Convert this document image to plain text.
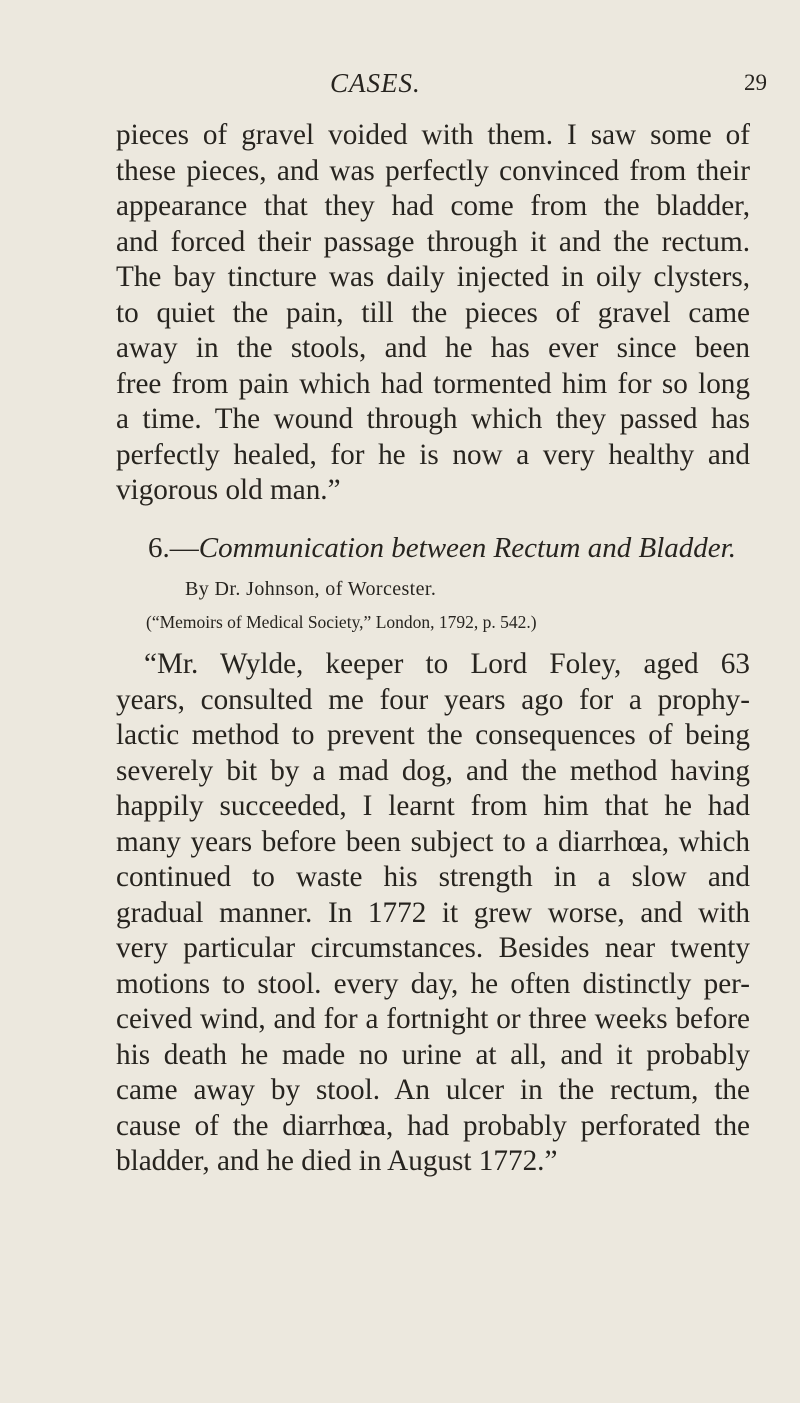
CASES.	29
pieces of gravel voided with them. I saw some of
these pieces, and was perfectly convinced from their
appearance that they had come from the bladder,
and forced their passage through it and the rectum.
The bay tincture was daily injected in oily clysters,
to quiet the pain, till the pieces of gravel came
away in the stools, and he has ever since been
free from pain which had tormented him for so long
a time. The wound through which they passed has
perfectly healed, for he is now a very healthy and
vigorous old man.”
6.—Communication between Rectum and Bladder.
By Dr. Johnson, of Worcester.
(“Memoirs of Medical Society,” London, 1792, p. 542.)
“Mr. Wylde, keeper to Lord Foley, aged 63
years, consulted me four years ago for a prophy-
lactic method to prevent the consequences of being
severely bit by a mad dog, and the method having
happily succeeded, I learnt from him that he had
many years before been subject to a diarrhœa, which
continued to waste his strength in a slow and
gradual manner. In 1772 it grew worse, and with
very particular circumstances. Besides near twenty
motions to stool. every day, he often distinctly per-
ceived wind, and for a fortnight or three weeks before
his death he made no urine at all, and it probably
came away by stool. An ulcer in the rectum, the
cause of the diarrhœa, had probably perforated the
bladder, and he died in August 1772.”
